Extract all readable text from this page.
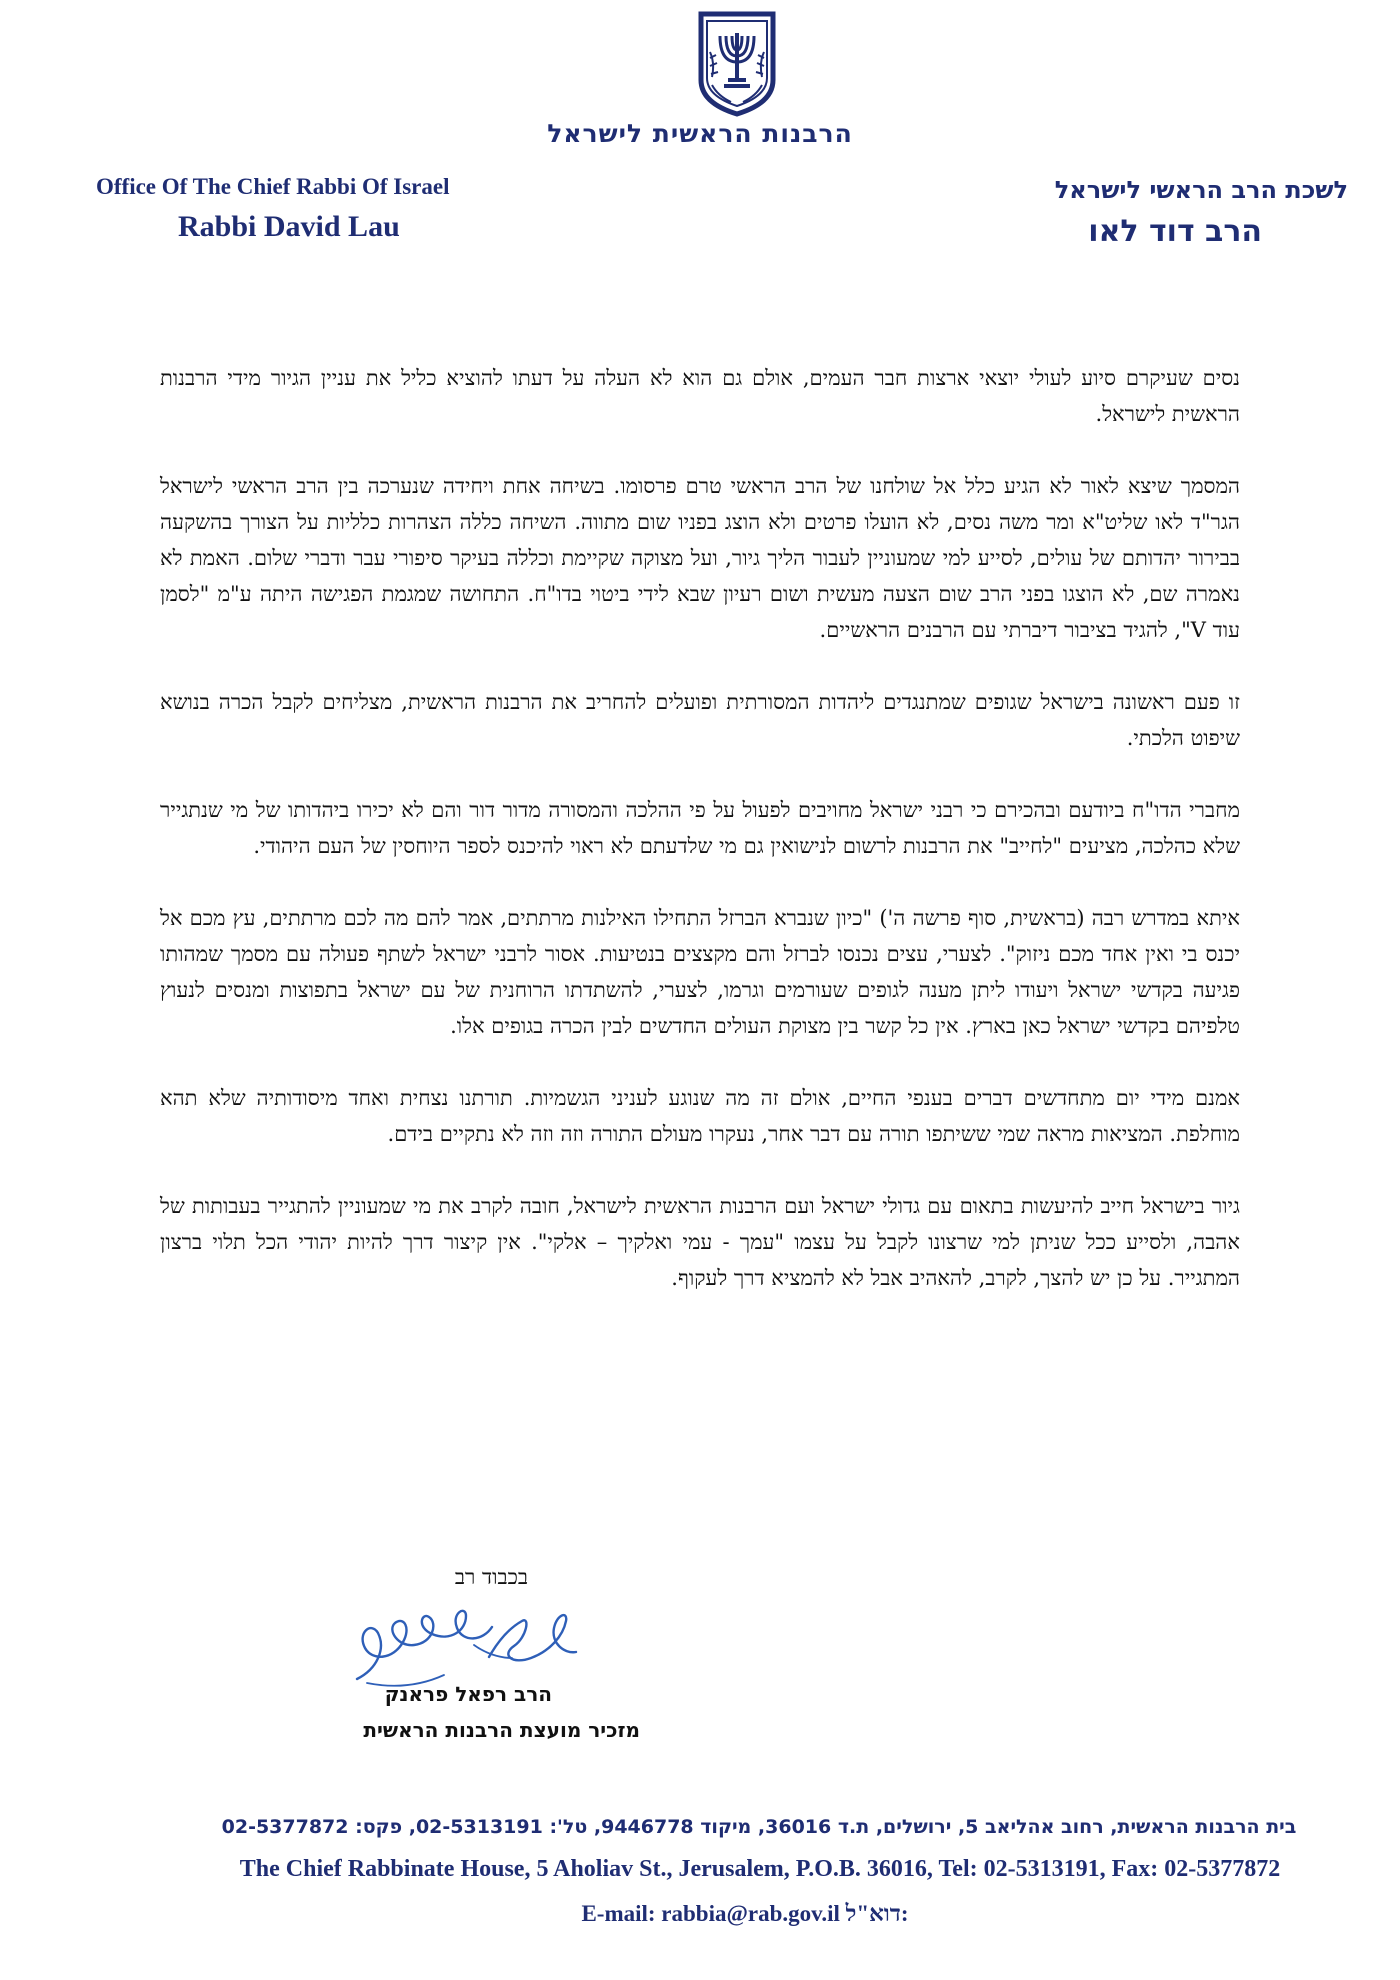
הרבנות הראשית לישראל
Office Of The Chief Rabbi Of Israel
Rabbi David Lau
לשכת הרב הראשי לישראל
הרב דוד לאו

נסים שעיקרם סיוע לעולי יוצאי ארצות חבר העמים, אולם גם הוא לא העלה על דעתו להוציא כליל את עניין הגיור מידי הרבנות הראשית לישראל.

המסמך שיצא לאור לא הגיע כלל אל שולחנו של הרב הראשי טרם פרסומו. בשיחה אחת ויחידה שנערכה בין הרב הראשי לישראל הגר"ד לאו שליט"א ומר משה נסים, לא הועלו פרטים ולא הוצג בפניו שום מתווה. השיחה כללה הצהרות כלליות על הצורך בהשקעה בבירור יהדותם של עולים, לסייע למי שמעוניין לעבור הליך גיור, ועל מצוקה שקיימת וכללה בעיקר סיפורי עבר ודברי שלום. האמת לא נאמרה שם, לא הוצגו בפני הרב שום הצעה מעשית ושום רעיון שבא לידי ביטוי בדו"ח. התחושה שמגמת הפגישה היתה ע"מ "לסמן עוד V", להגיד בציבור דיברתי עם הרבנים הראשיים.

זו פעם ראשונה בישראל שגופים שמתנגדים ליהדות המסורתית ופועלים להחריב את הרבנות הראשית, מצליחים לקבל הכרה בנושא שיפוט הלכתי.

מחברי הדו"ח ביודעם ובהכירם כי רבני ישראל מחויבים לפעול על פי ההלכה והמסורה מדור דור והם לא יכירו ביהדותו של מי שנתגייר שלא כהלכה, מציעים "לחייב" את הרבנות לרשום לנישואין גם מי שלדעתם לא ראוי להיכנס לספר היוחסין של העם היהודי.

איתא במדרש רבה (בראשית, סוף פרשה ה') "כיון שנברא הברזל התחילו האילנות מרתתים, אמר להם מה לכם מרתתים, עץ מכם אל יכנס בי ואין אחד מכם ניזוק". לצערי, עצים נכנסו לברזל והם מקצצים בנטיעות. אסור לרבני ישראל לשתף פעולה עם מסמך שמהותו פגיעה בקדשי ישראל ויעודו ליתן מענה לגופים שעורמים וגרמו, לצערי, להשתדתו הרוחנית של עם ישראל בתפוצות ומנסים לנעוץ טלפיהם בקדשי ישראל כאן בארץ. אין כל קשר בין מצוקת העולים החדשים לבין הכרה בגופים אלו.

אמנם מידי יום מתחדשים דברים בענפי החיים, אולם זה מה שנוגע לעניני הגשמיות. תורתנו נצחית ואחד מיסודותיה שלא תהא מוחלפת. המציאות מראה שמי ששיתפו תורה עם דבר אחר, נעקרו מעולם התורה וזה וזה לא נתקיים בידם.

גיור בישראל חייב להיעשות בתאום עם גדולי ישראל ועם הרבנות הראשית לישראל, חובה לקרב את מי שמעוניין להתגייר בעבותות של אהבה, ולסייע ככל שניתן למי שרצונו לקבל על עצמו "עמך - עמי ואלקיך – אלקי". אין קיצור דרך להיות יהודי הכל תלוי ברצון המתגייר. על כן יש להצך, לקרב, להאהיב אבל לא להמציא דרך לעקוף.

בכבוד רב
הרב רפאל פראנק
מזכיר מועצת הרבנות הראשית
בית הרבנות הראשית, רחוב אהליאב 5, ירושלים, ת.ד 36016, מיקוד 9446778, טל': 02-5313191, פקס: 02-5377872
The Chief Rabbinate House, 5 Aholiav St., Jerusalem, P.O.B. 36016, Tel: 02-5313191, Fax: 02-5377872
E-mail: rabbia@rab.gov.il דוא"ל:
